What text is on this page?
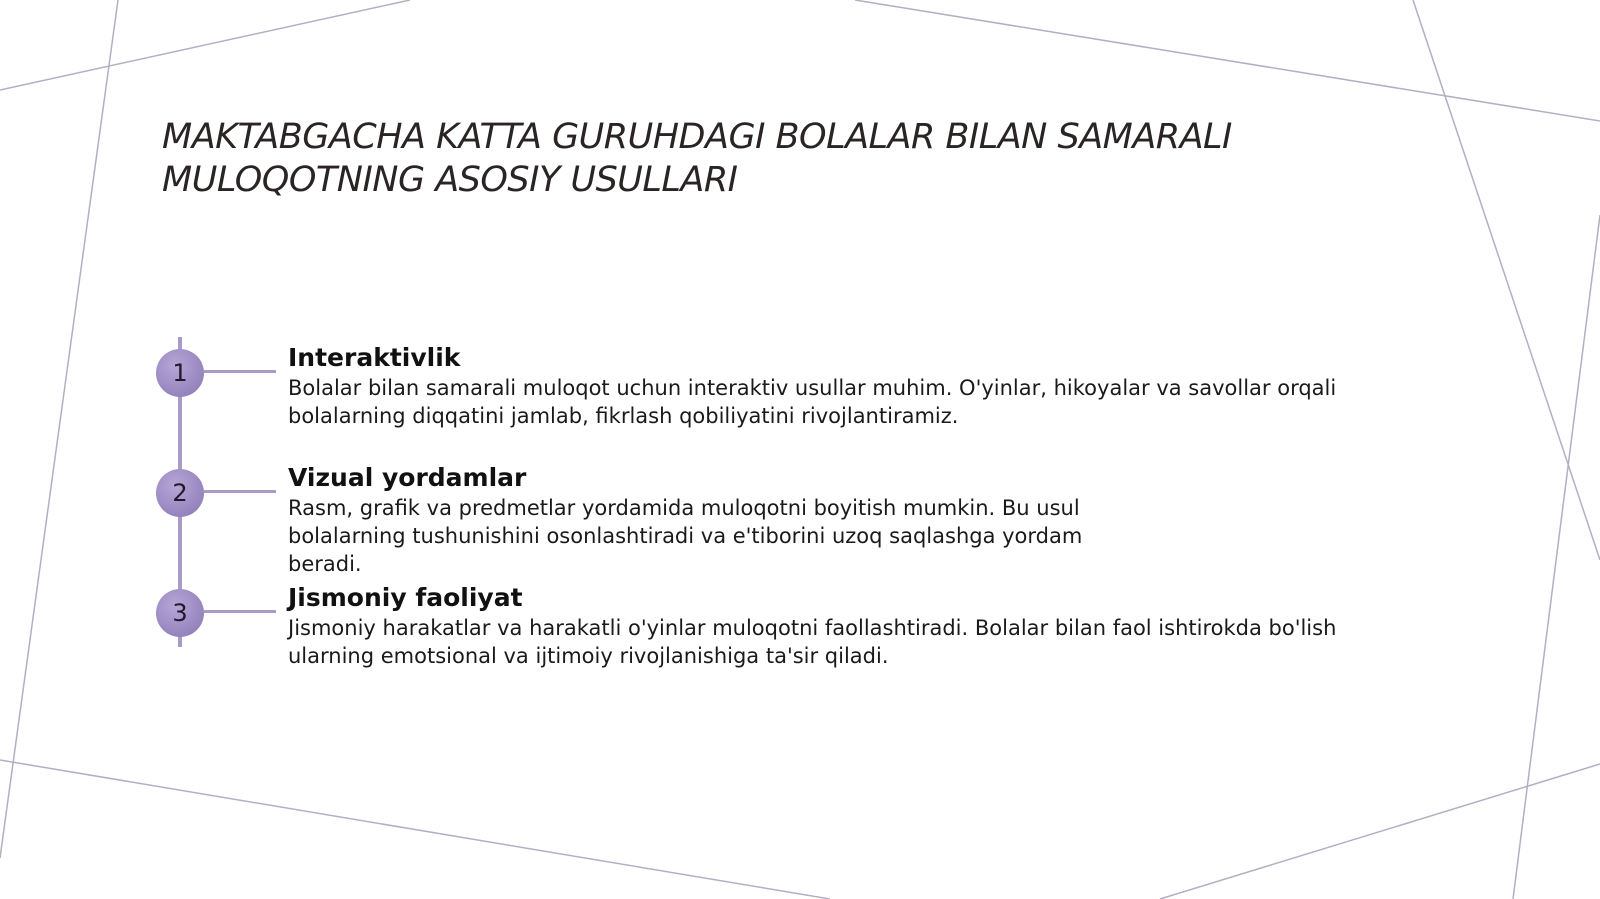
MAKTABGACHA KATTA GURUHDAGI BOLALAR BILAN SAMARALI
MULOQOTNING ASOSIY USULLARI
1

Interaktivlik

Bolalar bilan samarali muloqot uchun interaktiv usullar muhim. O'yinlar, hikoyalar va savollar orqali bolalarning diqqatini jamlab, fikrlash qobiliyatini rivojlantiramiz.

2

Vizual yordamlar

Rasm, grafik va predmetlar yordamida muloqotni boyitish mumkin. Bu usul bolalarning tushunishini osonlashtiradi va e'tiborini uzoq saqlashga yordam beradi.

3

Jismoniy faoliyat

Jismoniy harakatlar va harakatli o'yinlar muloqotni faollashtiradi. Bolalar bilan faol ishtirokda bo'lish ularning emotsional va ijtimoiy rivojlanishiga ta'sir qiladi.
